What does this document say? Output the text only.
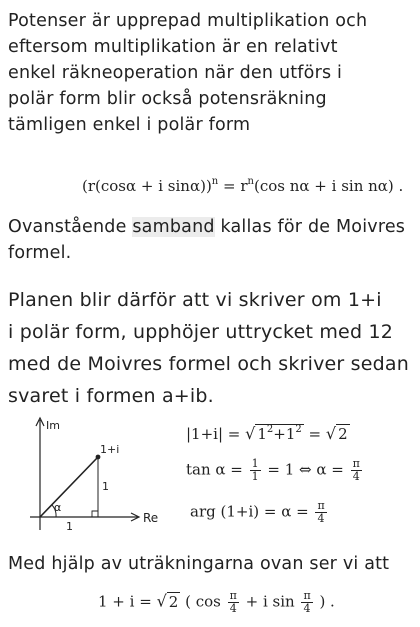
Potenser är upprepad multiplikation och
eftersom multiplikation är en relativt
enkel räkneoperation när den utförs i
polär form blir också potensräkning
tämligen enkel i polär form
(r(cosα + i $\sin\alpha))^n = r^n(\cos$ nα + i sin nα) .
Ovanstående samband kallas för de Moivres
formel.
Planen blir därför att vi skriver om 1+i
i polär form, upphöjer uttrycket med 12
med de Moivres formel och skriver sedan
svaret i formen a+ib.
Im
Re
1+i
α
1
1
|1+i| = √ $1^2+1^2$ = √ 2
$\tan \alpha = \frac{1}{1} = 1$ ⇔ $\alpha = \frac{\pi}{4}$
arg $(1+i) = \alpha = \frac{\pi}{4}$
Med hjälp av uträkningarna ovan ser vi att
1 + i = √ 2 ( $\cos \frac{\pi}{4} + i$ $\sin \frac{\pi}{4}$ ) .
